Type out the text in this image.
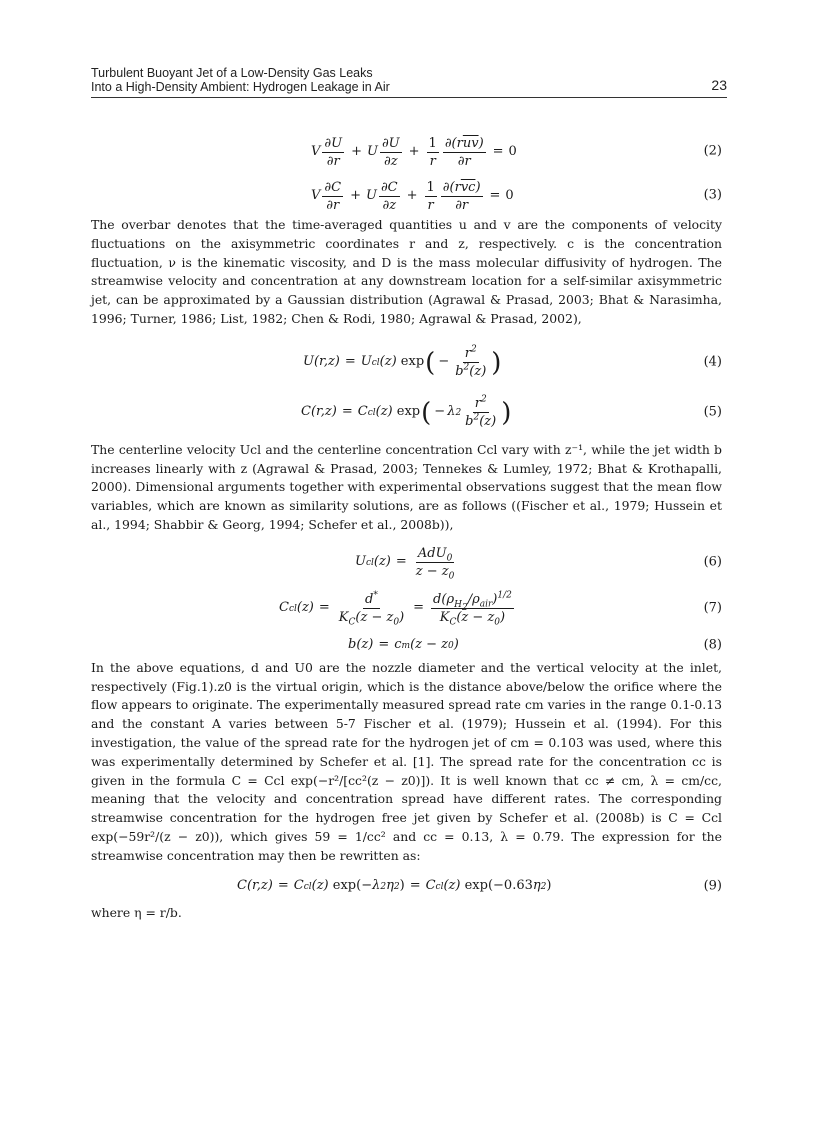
Turbulent Buoyant Jet of a Low-Density Gas Leaks
Into a High-Density Ambient: Hydrogen Leakage in Air	23
V $\frac{\partial U}{\partial r} + U \frac{\partial U}{\partial z} + \frac{1}{r} \frac{\partial(r\overline{uv})}{\partial r} = 0$	(2)
V $\frac{\partial C}{\partial r} + U \frac{\partial C}{\partial z} + \frac{1}{r} \frac{\partial(r\overline{vc})}{\partial r} = 0$	(3)

The overbar denotes that the time-averaged quantities u and v are the components of velocity fluctuations on the axisymmetric coordinates r and z, respectively. c is the concentration fluctuation, ν is the kinematic viscosity, and D is the mass molecular diffusivity of hydrogen. The streamwise velocity and concentration at any downstream location for a self-similar axisymmetric jet, can be approximated by a Gaussian distribution (Agrawal & Prasad, 2003; Bhat & Narasimha, 1996; Turner, 1986; List, 1982; Chen & Rodi, 1980; Agrawal & Prasad, 2002),

U(r,z) = U cl (z) exp ( − $\frac{r^2}{b^2(z)}$ )	(4)
C(r,z) = C cl (z) exp ( − λ $2 \frac{r^2}{b^2(z)}$ )	(5)

The centerline velocity Ucl and the centerline concentration Ccl vary with z⁻¹, while the jet width b increases linearly with z (Agrawal & Prasad, 2003; Tennekes & Lumley, 1972; Bhat & Krothapalli, 2000). Dimensional arguments together with experimental observations suggest that the mean flow variables, which are known as similarity solutions, are as follows ((Fischer et al., 1979; Hussein et al., 1994; Shabbir & Georg, 1994; Schefer et al., 2008b)),

U cl $(z) = \frac{AdU_0}{z - z_0}$	(6)
C cl $(z) = \frac{d^*}{K_C(z - z_0)} = \frac{d(\rho_{H_2}/\rho_{air})^{1/2}}{K_C(z - z_0)}$	(7)
b(z) = c m (z − z 0 )	(8)

In the above equations, d and U0 are the nozzle diameter and the vertical velocity at the inlet, respectively (Fig.1).z0 is the virtual origin, which is the distance above/below the orifice where the flow appears to originate. The experimentally measured spread rate cm varies in the range 0.1-0.13 and the constant A varies between 5-7 Fischer et al. (1979); Hussein et al. (1994). For this investigation, the value of the spread rate for the hydrogen jet of cm = 0.103 was used, where this was experimentally determined by Schefer et al. [1]. The spread rate for the concentration cc is given in the formula C = Ccl exp(−r²/[cc²(z − z0)]). It is well known that cc ≠ cm, λ = cm/cc, meaning that the velocity and concentration spread have different rates. The corresponding streamwise concentration for the hydrogen free jet given by Schefer et al. (2008b) is C = Ccl exp(−59r²/(z − z0)), which gives 59 = 1/cc² and cc = 0.13, λ = 0.79. The expression for the streamwise concentration may then be rewritten as:

C(r,z) = C cl (z) exp ( −λ 2 η 2 ) = C cl (z) exp (−0.63 η 2 )	(9)

where η = r/b.
